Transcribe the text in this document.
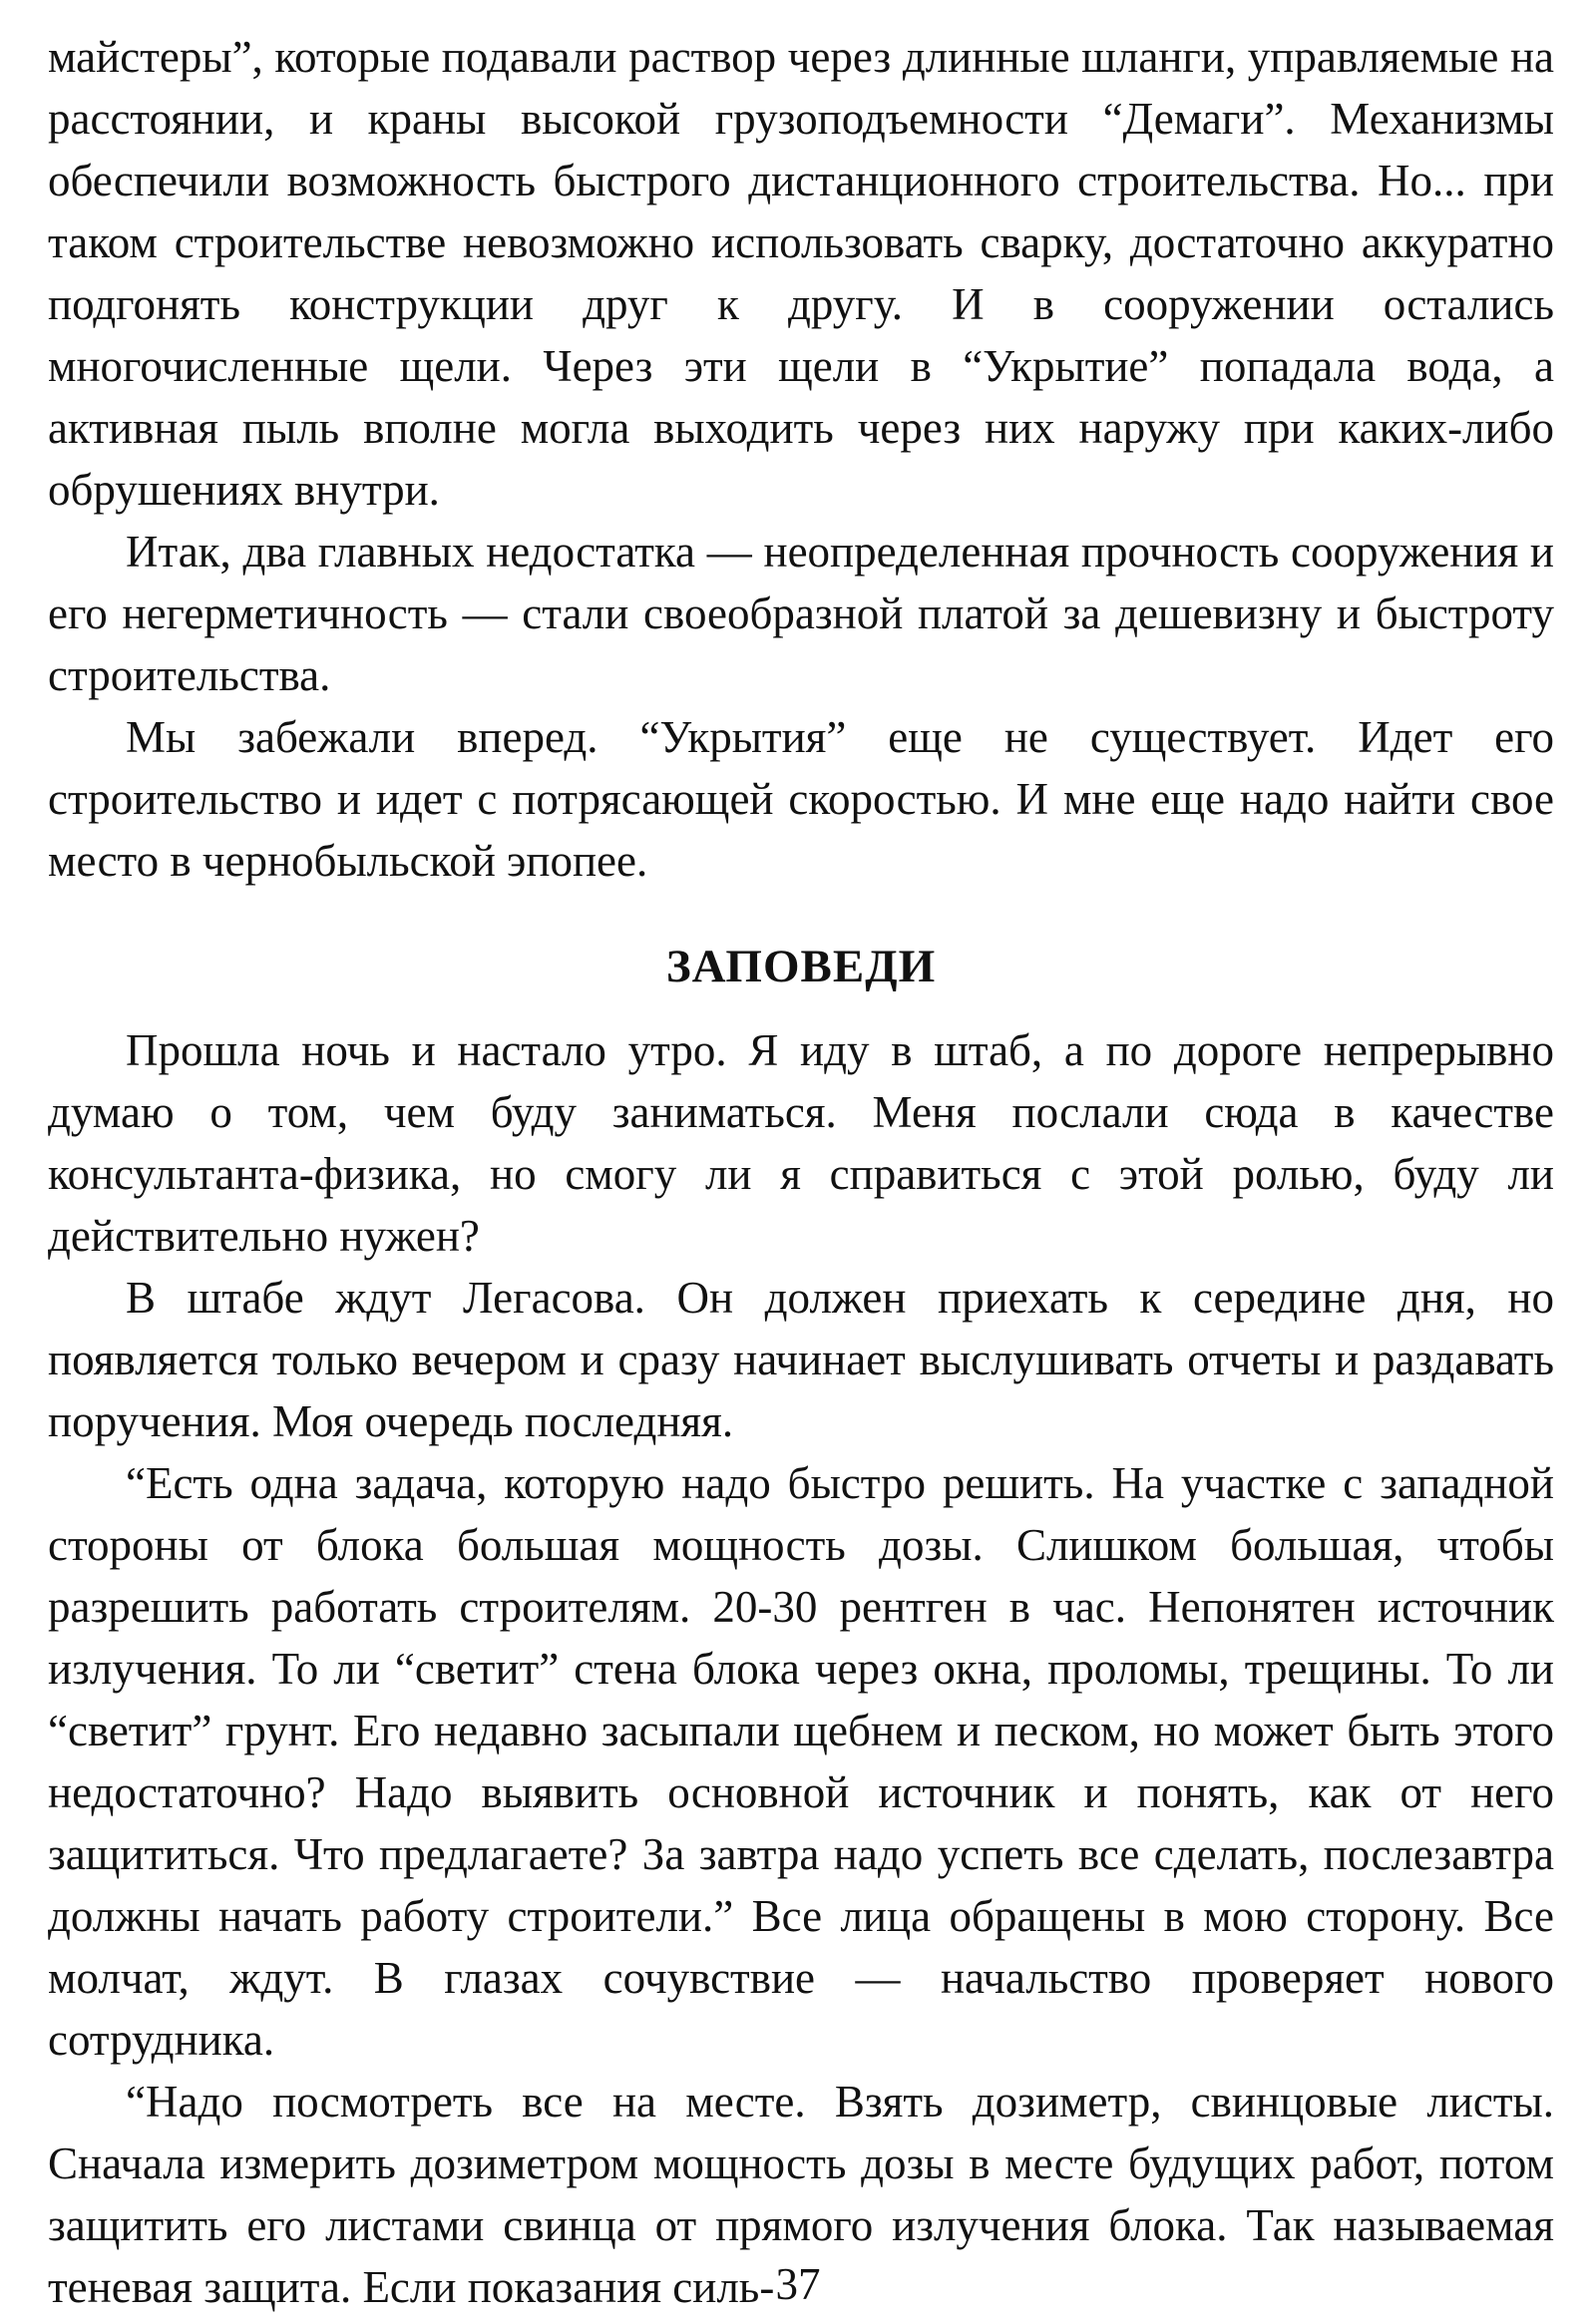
майстеры”, которые подавали раствор через длинные шланги, управляемые на расстоянии, и краны высокой грузоподъемности “Демаги”. Механизмы обеспечили возможность быстрого дистанционного строительства. Но... при таком строительстве невозможно использовать сварку, достаточно аккуратно подгонять конструкции друг к другу. И в сооружении остались многочисленные щели. Через эти щели в “Укрытие” попадала вода, а активная пыль вполне могла выходить через них наружу при каких-либо обрушениях внутри.

Итак, два главных недостатка — неопределенная прочность сооружения и его негерметичность — стали своеобразной платой за дешевизну и быстроту строительства.

Мы забежали вперед. “Укрытия” еще не существует. Идет его строительство и идет с потрясающей скоростью. И мне еще надо найти свое место в чернобыльской эпопее.

ЗАПОВЕДИ

Прошла ночь и настало утро. Я иду в штаб, а по дороге непрерывно думаю о том, чем буду заниматься. Меня послали сюда в качестве консультанта-физика, но смогу ли я справиться с этой ролью, буду ли действительно нужен?

В штабе ждут Легасова. Он должен приехать к середине дня, но появляется только вечером и сразу начинает выслушивать отчеты и раздавать поручения. Моя очередь последняя.

“Есть одна задача, которую надо быстро решить. На участке с западной стороны от блока большая мощность дозы. Слишком большая, чтобы разрешить работать строителям. 20-30 рентген в час. Непонятен источник излучения. То ли “светит” стена блока через окна, проломы, трещины. То ли “светит” грунт. Его недавно засыпали щебнем и песком, но может быть этого недостаточно? Надо выявить основной источник и понять, как от него защититься. Что предлагаете? За завтра надо успеть все сделать, послезавтра должны начать работу строители.” Все лица обращены в мою сторону. Все молчат, ждут. В глазах сочувствие — начальство проверяет нового сотрудника.

“Надо посмотреть все на месте. Взять дозиметр, свинцовые листы. Сначала измерить дозиметром мощность дозы в месте будущих работ, потом защитить его листами свинца от прямого излучения блока. Так называемая теневая защита. Если показания силь- 37
